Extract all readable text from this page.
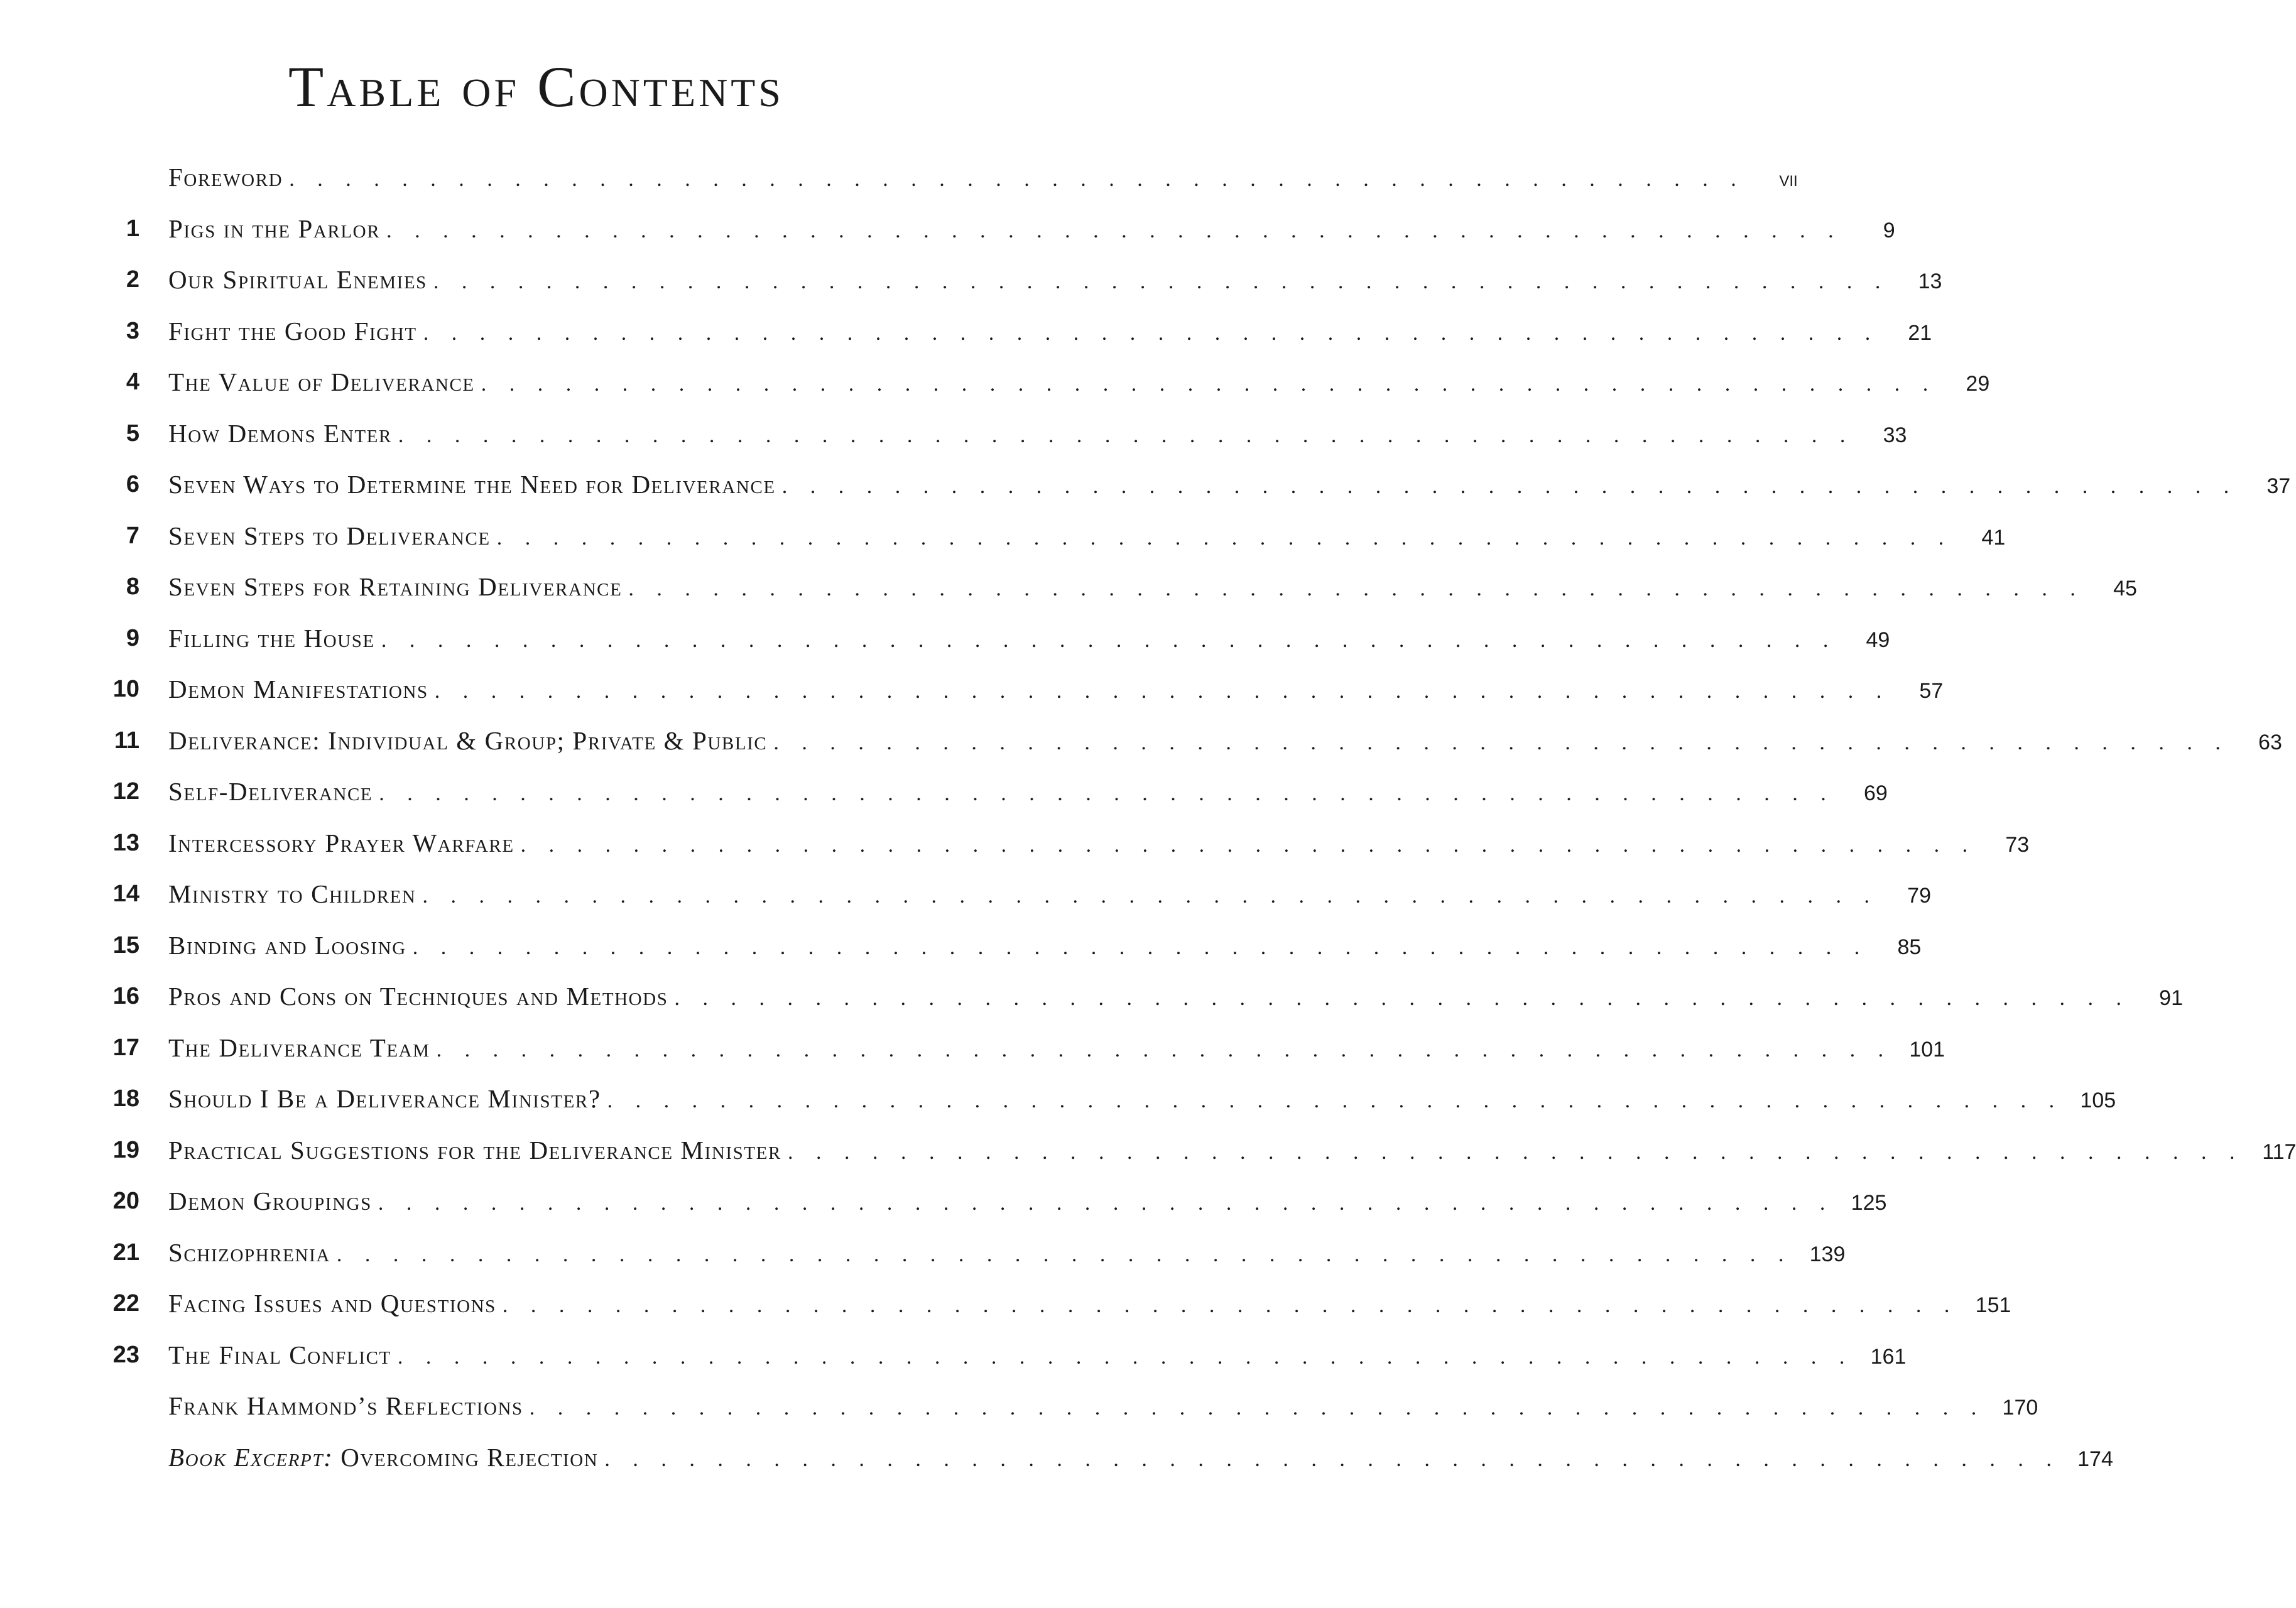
Table of Contents
Foreword . . . . . . . . . . . . . . . . . . . . . . . . . . . . . . . . . . . . . . . . . . . . . . . . . . . .	vii
1 Pigs in the Parlor . . . . . . . . . . . . . . . . . . . . . . . . . . . . . . . . . . . . . . . . . . . . . . . . . . . .	9
2 Our Spiritual Enemies . . . . . . . . . . . . . . . . . . . . . . . . . . . . . . . . . . . . . . . . . . . . . . . . . . . .	13
3 Fight the Good Fight . . . . . . . . . . . . . . . . . . . . . . . . . . . . . . . . . . . . . . . . . . . . . . . . . . . .	21
4 The Value of Deliverance . . . . . . . . . . . . . . . . . . . . . . . . . . . . . . . . . . . . . . . . . . . . . . . . . . . .	29
5 How Demons Enter . . . . . . . . . . . . . . . . . . . . . . . . . . . . . . . . . . . . . . . . . . . . . . . . . . . .	33
6 Seven Ways to Determine the Need for Deliverance . . . . . . . . . . . . . . . . . . . . . . . . . . . . . . . . . . . . . . . . . . . . . . . . . . . .	37
7 Seven Steps to Deliverance . . . . . . . . . . . . . . . . . . . . . . . . . . . . . . . . . . . . . . . . . . . . . . . . . . . .	41
8 Seven Steps for Retaining Deliverance . . . . . . . . . . . . . . . . . . . . . . . . . . . . . . . . . . . . . . . . . . . . . . . . . . . .	45
9 Filling the House . . . . . . . . . . . . . . . . . . . . . . . . . . . . . . . . . . . . . . . . . . . . . . . . . . . .	49
10 Demon Manifestations . . . . . . . . . . . . . . . . . . . . . . . . . . . . . . . . . . . . . . . . . . . . . . . . . . . .	57
11 Deliverance: Individual & Group; Private & Public . . . . . . . . . . . . . . . . . . . . . . . . . . . . . . . . . . . . . . . . . . . . . . . . . . . .	63
12 Self-Deliverance . . . . . . . . . . . . . . . . . . . . . . . . . . . . . . . . . . . . . . . . . . . . . . . . . . . .	69
13 Intercessory Prayer Warfare . . . . . . . . . . . . . . . . . . . . . . . . . . . . . . . . . . . . . . . . . . . . . . . . . . . .	73
14 Ministry to Children . . . . . . . . . . . . . . . . . . . . . . . . . . . . . . . . . . . . . . . . . . . . . . . . . . . .	79
15 Binding and Loosing . . . . . . . . . . . . . . . . . . . . . . . . . . . . . . . . . . . . . . . . . . . . . . . . . . . .	85
16 Pros and Cons on Techniques and Methods . . . . . . . . . . . . . . . . . . . . . . . . . . . . . . . . . . . . . . . . . . . . . . . . . . . .	91
17 The Deliverance Team . . . . . . . . . . . . . . . . . . . . . . . . . . . . . . . . . . . . . . . . . . . . . . . . . . . . 101
18 Should I Be a Deliverance Minister? . . . . . . . . . . . . . . . . . . . . . . . . . . . . . . . . . . . . . . . . . . . . . . . . . . . . 105
19 Practical Suggestions for the Deliverance Minister . . . . . . . . . . . . . . . . . . . . . . . . . . . . . . . . . . . . . . . . . . . . . . . . . . . . 117
20 Demon Groupings . . . . . . . . . . . . . . . . . . . . . . . . . . . . . . . . . . . . . . . . . . . . . . . . . . . . 125
21 Schizophrenia . . . . . . . . . . . . . . . . . . . . . . . . . . . . . . . . . . . . . . . . . . . . . . . . . . . . 139
22 Facing Issues and Questions . . . . . . . . . . . . . . . . . . . . . . . . . . . . . . . . . . . . . . . . . . . . . . . . . . . . 151
23 The Final Conflict . . . . . . . . . . . . . . . . . . . . . . . . . . . . . . . . . . . . . . . . . . . . . . . . . . . . 161
Frank Hammond’s Reflections . . . . . . . . . . . . . . . . . . . . . . . . . . . . . . . . . . . . . . . . . . . . . . . . . . . . 170
Book Excerpt: Overcoming Rejection . . . . . . . . . . . . . . . . . . . . . . . . . . . . . . . . . . . . . . . . . . . . . . . . . . . . 174
